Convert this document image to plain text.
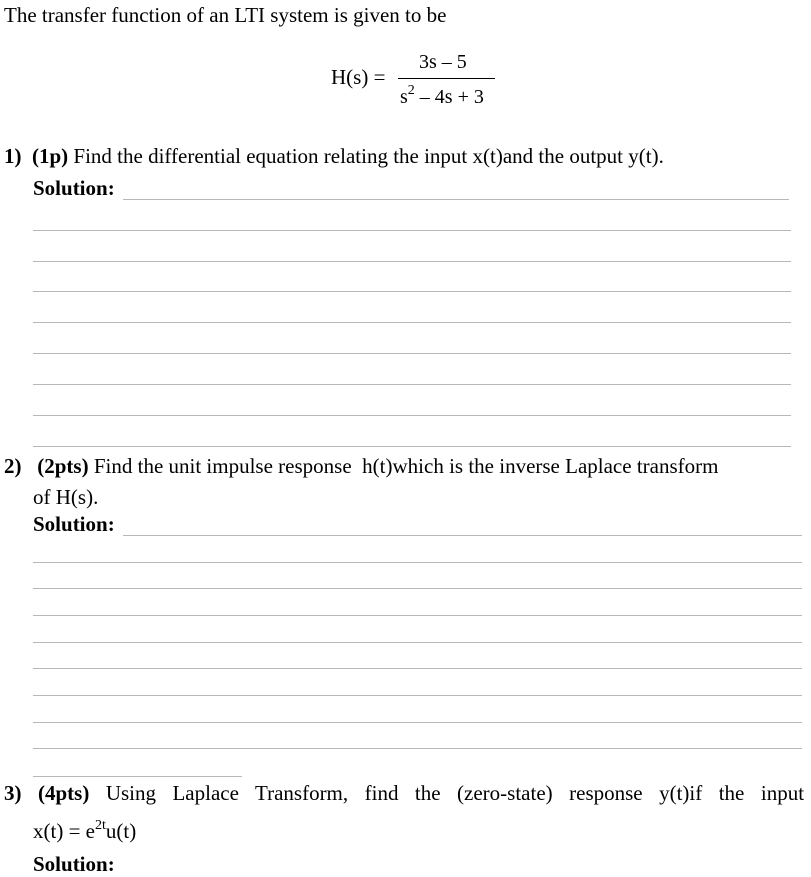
The transfer function of an LTI system is given to be
H(s) =
3s – 5
$s^2 - 4s + 3$
1) (1p) Find the differential equation relating the input x(t)and the output y(t).
Solution:
2) (2pts) Find the unit impulse response h(t)which is the inverse Laplace transform
of H(s).
Solution:
3) (4pts) Using Laplace Transform, find the (zero-state) response y(t)if the input
$x(t) = e^{2t}u(t)$
Solution:
